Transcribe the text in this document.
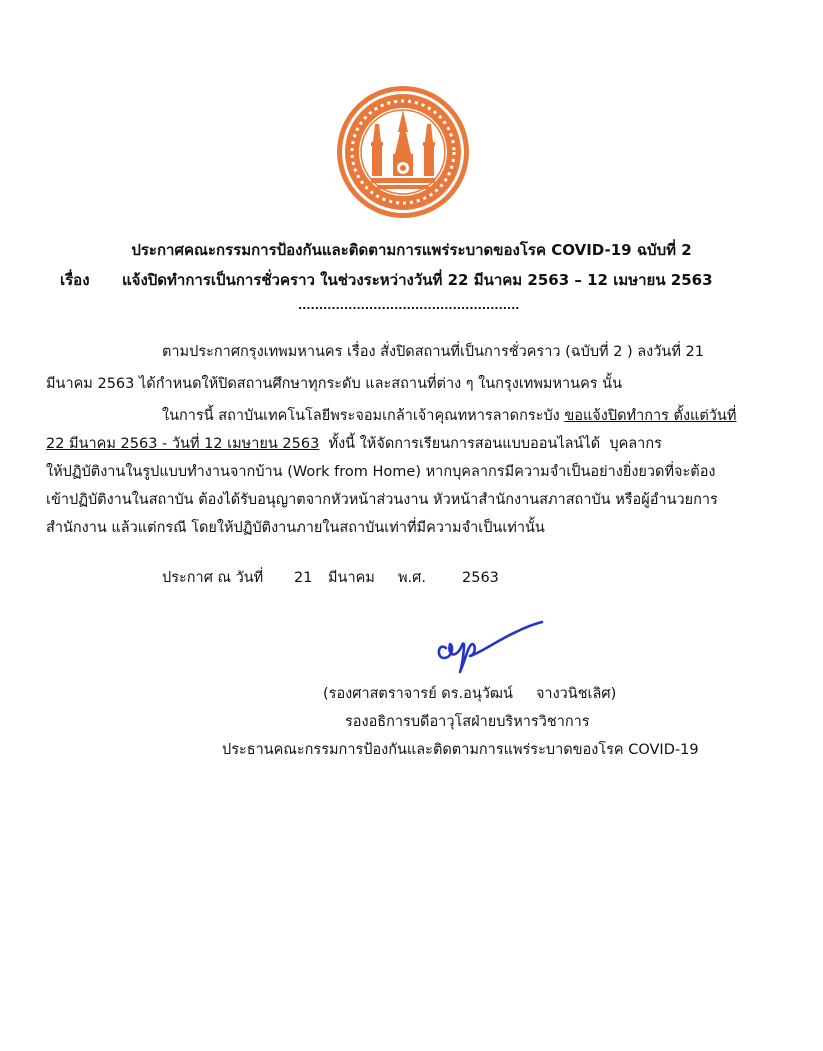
ประกาศคณะกรรมการป้องกันและติดตามการแพร่ระบาดของโรค COVID-19 ฉบับที่ 2
เรื่อง แจ้งปิดทำการเป็นการชั่วคราว ในช่วงระหว่างวันที่ 22 มีนาคม 2563 – 12 เมษายน 2563
.....................................................
ตามประกาศกรุงเทพมหานคร เรื่อง สั่งปิดสถานที่เป็นการชั่วคราว (ฉบับที่ 2 ) ลงวันที่ 21
มีนาคม 2563 ได้กำหนดให้ปิดสถานศึกษาทุกระดับ และสถานที่ต่าง ๆ ในกรุงเทพมหานคร นั้น
ในการนี้ สถาบันเทคโนโลยีพระจอมเกล้าเจ้าคุณทหารลาดกระบัง ขอแจ้งปิดทำการ ตั้งแต่วันที่
22 มีนาคม 2563 - วันที่ 12 เมษายน 2563  ทั้งนี้ ให้จัดการเรียนการสอนแบบออนไลน์ได้  บุคลากร
ให้ปฏิบัติงานในรูปแบบทำงานจากบ้าน (Work from Home) หากบุคลากรมีความจำเป็นอย่างยิ่งยวดที่จะต้อง
เข้าปฏิบัติงานในสถาบัน ต้องได้รับอนุญาตจากหัวหน้าส่วนงาน หัวหน้าสำนักงานสภาสถาบัน หรือผู้อำนวยการ
สำนักงาน แล้วแต่กรณี โดยให้ปฏิบัติงานภายในสถาบันเท่าที่มีความจำเป็นเท่านั้น
ประกาศ ณ วันที่ 21 มีนาคม พ.ศ. 2563
(รองศาสตราจารย์ ดร.อนุวัฒน์     จางวนิชเลิศ)
รองอธิการบดีอาวุโสฝ่ายบริหารวิชาการ
ประธานคณะกรรมการป้องกันและติดตามการแพร่ระบาดของโรค COVID-19
